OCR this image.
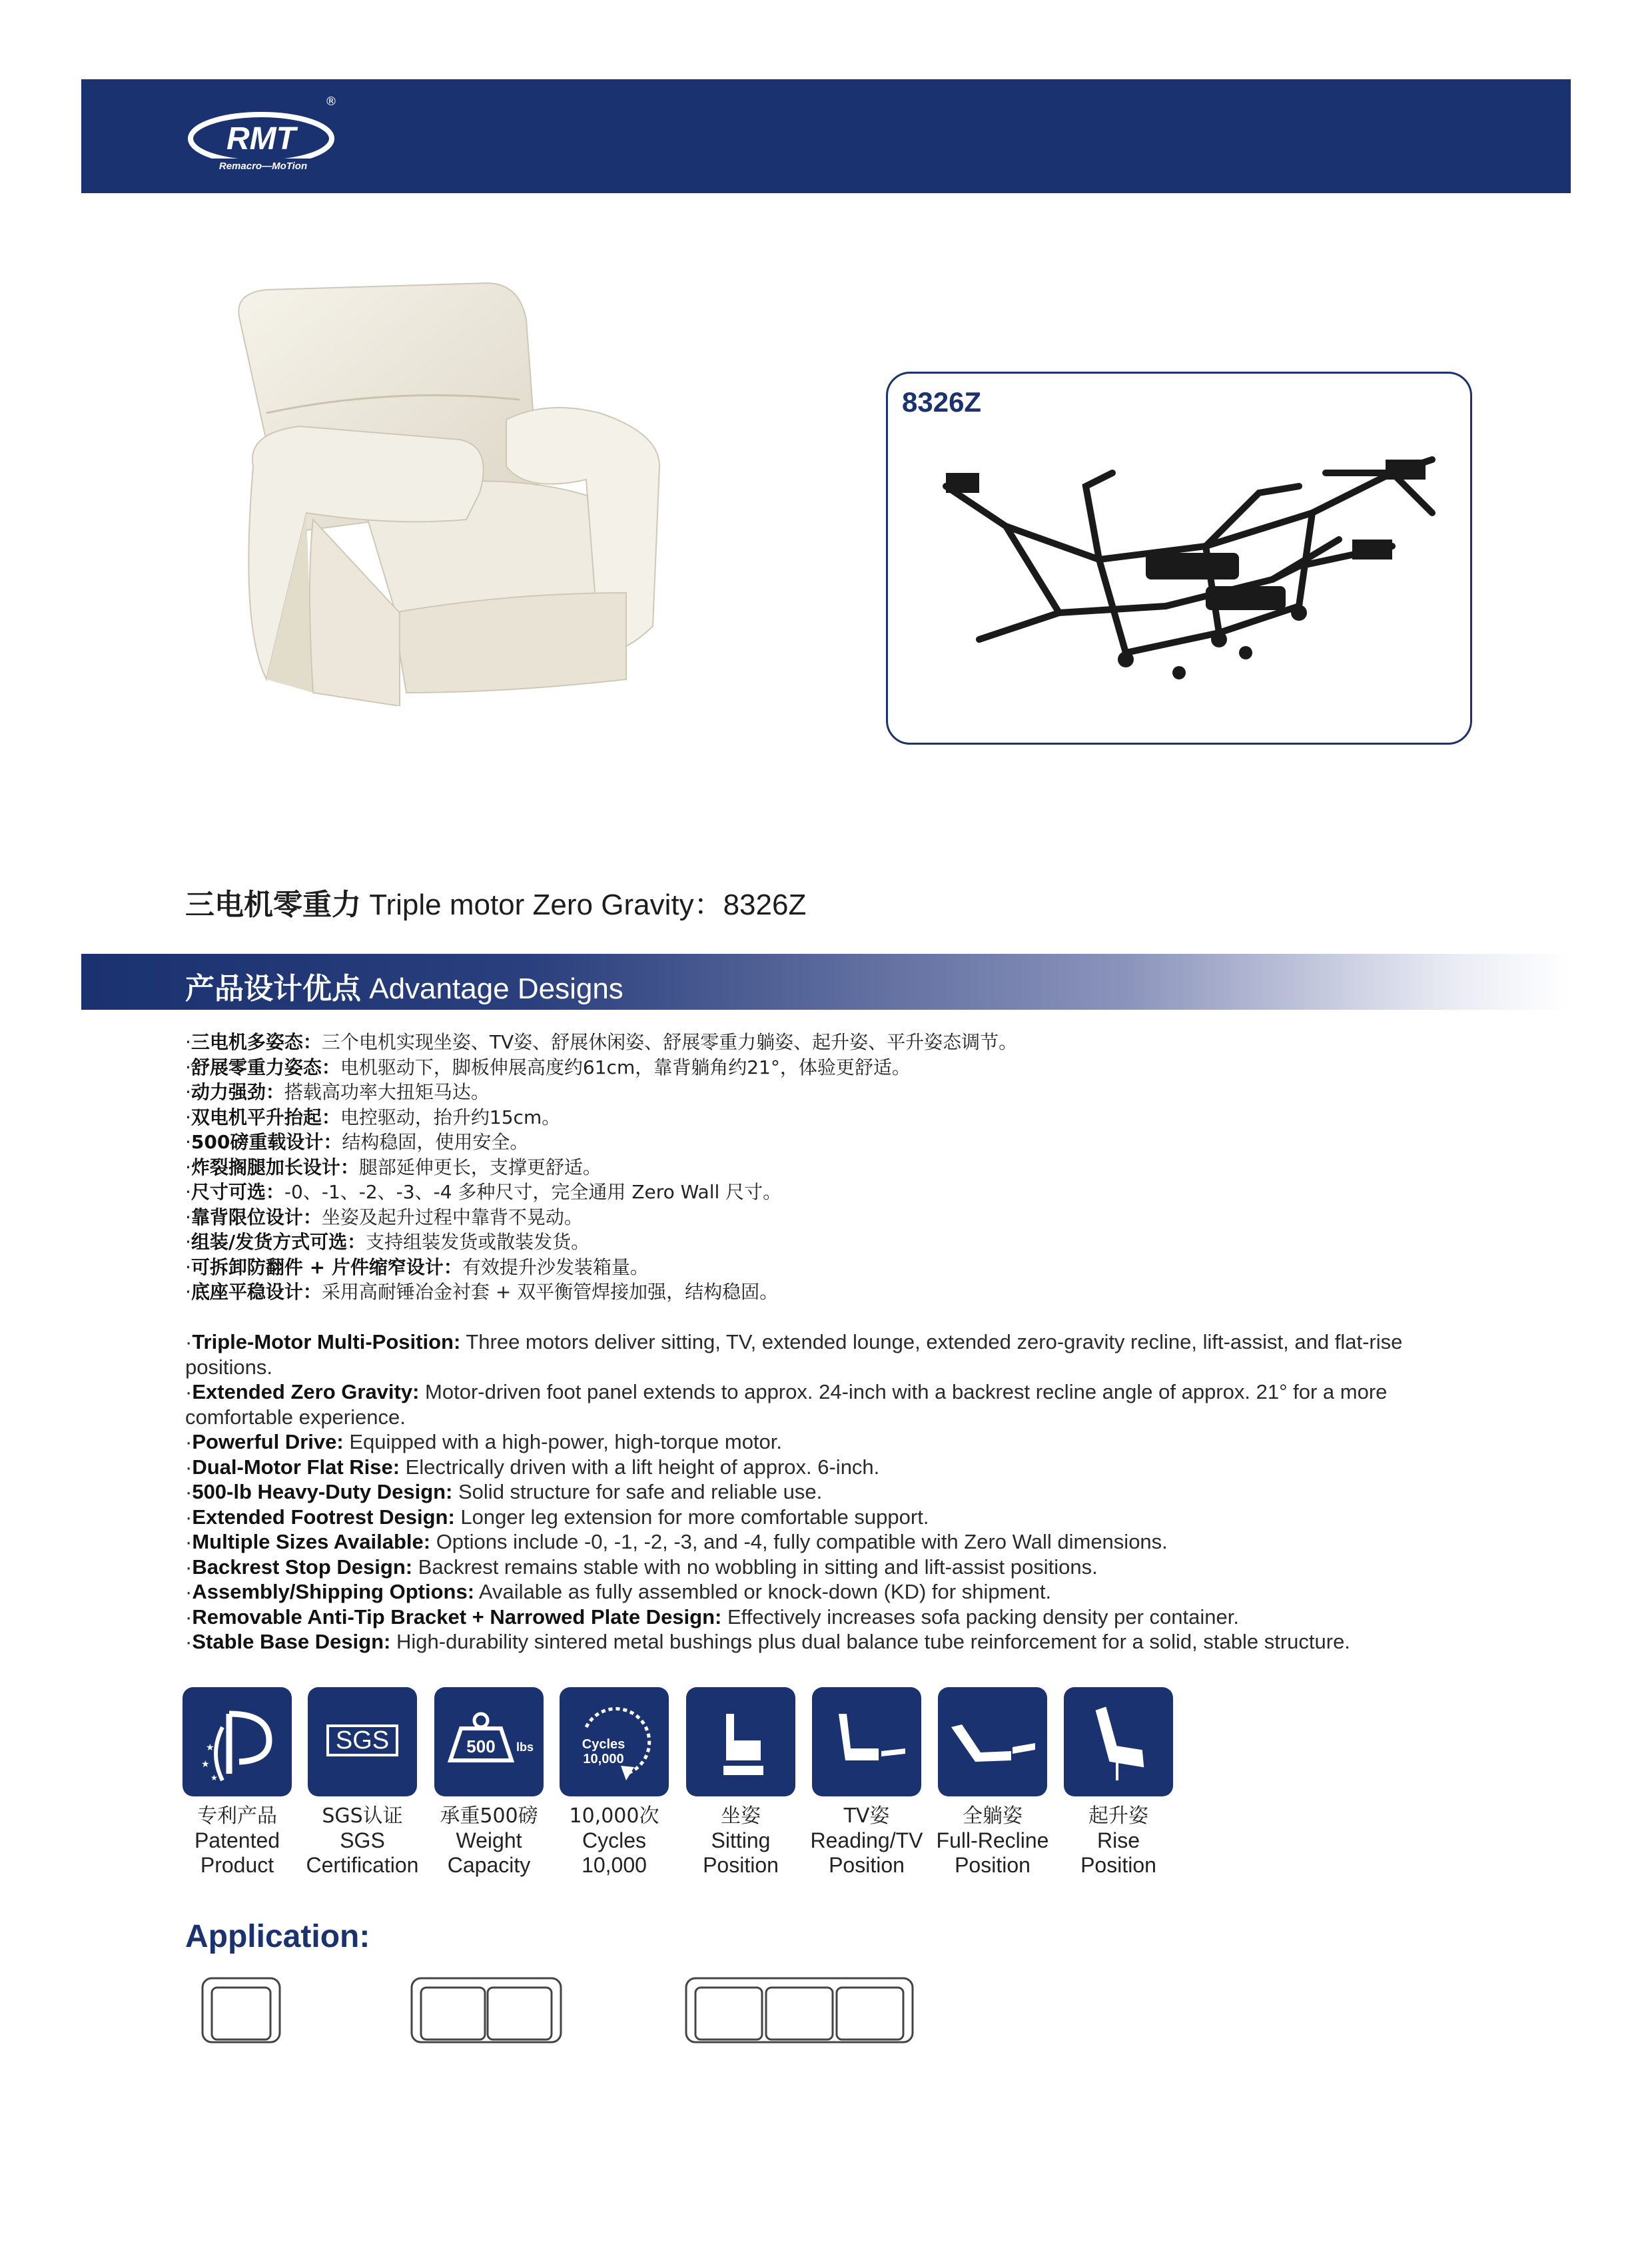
RMT
Remacro—MoTion
®
8326Z
三电机零重力 Triple motor Zero Gravity：8326Z
产品设计优点 Advantage Designs
·三电机多姿态：三个电机实现坐姿、TV姿、舒展休闲姿、舒展零重力躺姿、起升姿、平升姿态调节。
·舒展零重力姿态：电机驱动下，脚板伸展高度约61cm，靠背躺角约21°，体验更舒适。
·动力强劲：搭载高功率大扭矩马达。
·双电机平升抬起：电控驱动，抬升约15cm。
·500磅重载设计：结构稳固，使用安全。
·炸裂搁腿加长设计：腿部延伸更长，支撑更舒适。
·尺寸可选：-0、-1、-2、-3、-4 多种尺寸，完全通用 Zero Wall 尺寸。
·靠背限位设计：坐姿及起升过程中靠背不晃动。
·组装/发货方式可选：支持组装发货或散装发货。
·可拆卸防翻件 + 片件缩窄设计：有效提升沙发装箱量。
·底座平稳设计：采用高耐锤冶金衬套 + 双平衡管焊接加强，结构稳固。
·Triple-Motor Multi-Position: Three motors deliver sitting, TV, extended lounge, extended zero-gravity recline, lift-assist, and flat-rise positions.
·Extended Zero Gravity: Motor-driven foot panel extends to approx. 24-inch with a backrest recline angle of approx. 21° for a more comfortable experience.
·Powerful Drive: Equipped with a high-power, high-torque motor.
·Dual-Motor Flat Rise: Electrically driven with a lift height of approx. 6-inch.
·500-lb Heavy-Duty Design: Solid structure for safe and reliable use.
·Extended Footrest Design: Longer leg extension for more comfortable support.
·Multiple Sizes Available: Options include -0, -1, -2, -3, and -4, fully compatible with Zero Wall dimensions.
·Backrest Stop Design: Backrest remains stable with no wobbling in sitting and lift-assist positions.
·Assembly/Shipping Options: Available as fully assembled or knock-down (KD) for shipment.
·Removable Anti-Tip Bracket + Narrowed Plate Design: Effectively increases sofa packing density per container.
·Stable Base Design: High-durability sintered metal bushings plus dual balance tube reinforcement for a solid, stable structure.
★
★
★
SGS	500 lbs	Cycles
10,000
专利产品
Patented
Product
SGS认证
SGS
Certification
承重500磅
Weight
Capacity
10,000次
Cycles
10,000
坐姿
Sitting
Position
TV姿
Reading/TV
Position
全躺姿
Full-Recline
Position
起升姿
Rise
Position
Application:
